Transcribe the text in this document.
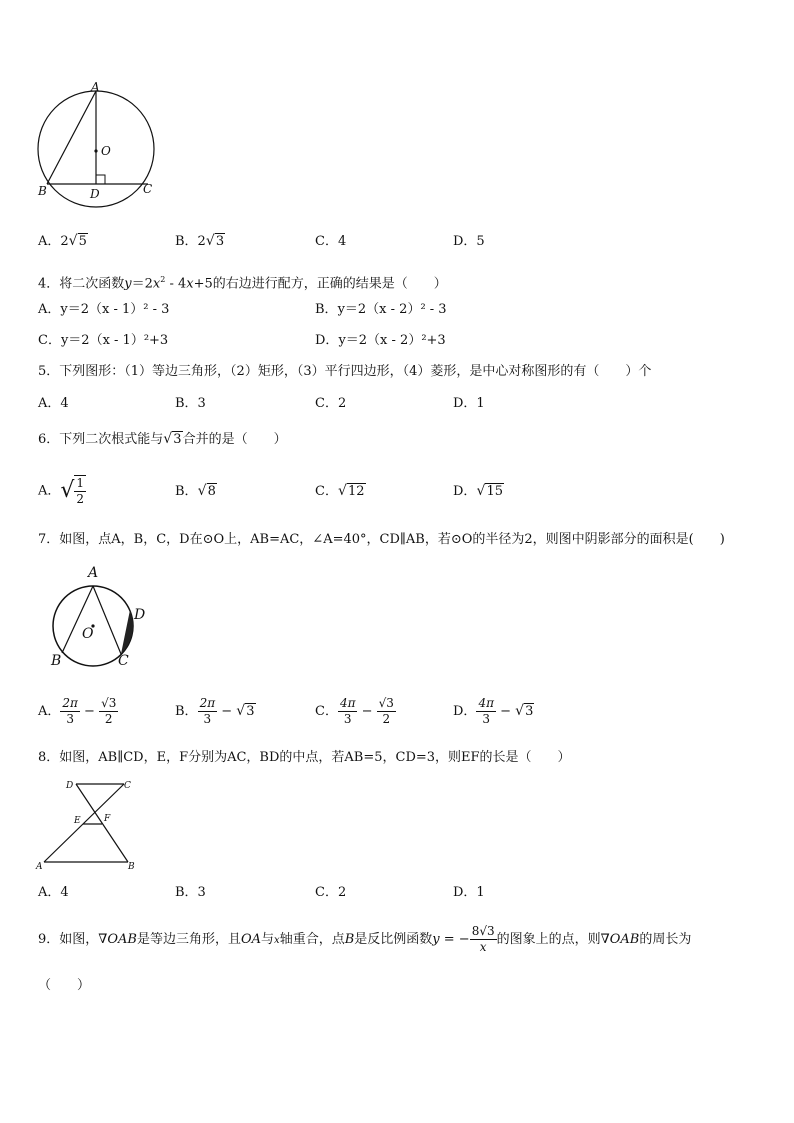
A
O
B	C
D
A．2 √ 5	B．2 √ 3	C．4	D．5
4．将二次函数$y=2x^2 - 4x+5$的右边进行配方，正确的结果是（　　）
A．y＝2（x - 1）² - 3	B．y＝2（x - 2）² - 3
C．y＝2（x - 1）²+3	D．y＝2（x - 2）²+3
5．下列图形：（1）等边三角形，（2）矩形，（3）平行四边形，（4）菱形，是中心对称图形的有（　　）个
A．4	B．3	C．2	D．1
6．下列二次根式能与 √ 3合并的是（　　）
A．√ $\frac{1}{2}$	B． √ 8	C． √ 12	D． √ 15
7．如图，点A，B，C，D在⊙O上，AB=AC，∠A=40°，CD∥AB，若⊙O的半径为2，则图中阴影部分的面积是(　　)
A
O
B	C
D
A． $\frac{2\pi}{3} - \frac{√3}{2}$	B． $\frac{2\pi}{3}$ − √ 3	C． $\frac{4\pi}{3} - \frac{√3}{2}$	D． $\frac{4\pi}{3}$ − √ 3
8．如图，AB∥CD，E，F分别为AC，BD的中点，若AB=5，CD=3，则EF的长是（　　）
D	C
E	F
A	B
A．4	B．3	C．2	D．1
9．如图，∇OAB是等边三角形，且OA与x轴重合，点B是反比例函数y = − $\frac{8√3}{x}$ 的图象上的点，则∇OAB的周长为
（　　）
